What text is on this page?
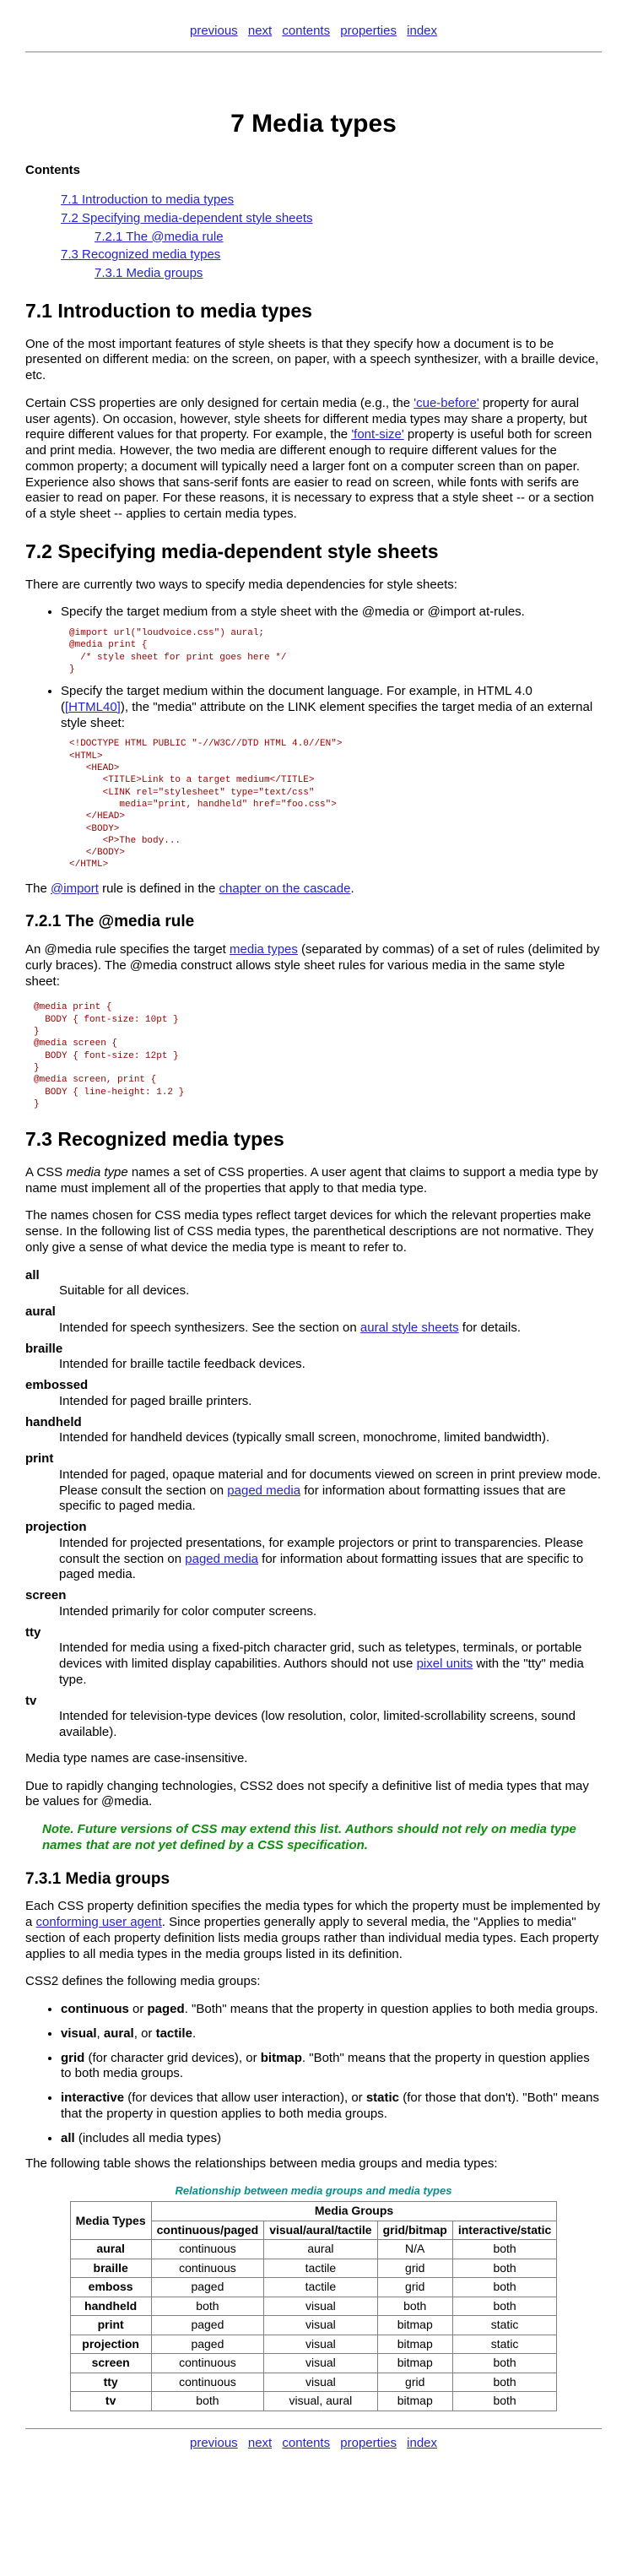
previous next contents properties index
7 Media types
Contents
7.1 Introduction to media types
7.2 Specifying media-dependent style sheets
7.2.1 The @media rule
7.3 Recognized media types
7.3.1 Media groups
7.1 Introduction to media types

One of the most important features of style sheets is that they specify how a document is to be presented on different media: on the screen, on paper, with a speech synthesizer, with a braille device, etc.

Certain CSS properties are only designed for certain media (e.g., the 'cue-before' property for aural user agents). On occasion, however, style sheets for different media types may share a property, but require different values for that property. For example, the 'font-size' property is useful both for screen and print media. However, the two media are different enough to require different values for the common property; a document will typically need a larger font on a computer screen than on paper. Experience also shows that sans-serif fonts are easier to read on screen, while fonts with serifs are easier to read on paper. For these reasons, it is necessary to express that a style sheet -- or a section of a style sheet -- applies to certain media types.

7.2 Specifying media-dependent style sheets

There are currently two ways to specify media dependencies for style sheets:

• Specify the target medium from a style sheet with the @media or @import at-rules.
@import url("loudvoice.css") aural;
@media print {
/* style sheet for print goes here */
}
• Specify the target medium within the document language. For example, in HTML 4.0 ([HTML40]), the "media" attribute on the LINK element specifies the target media of an external style sheet:
<!DOCTYPE HTML PUBLIC "-//W3C//DTD HTML 4.0//EN">
<HTML>
<HEAD>
<TITLE>Link to a target medium</TITLE>
<LINK rel="stylesheet" type="text/css"
media="print, handheld" href="foo.css">
</HEAD>
<BODY>
<P>The body...
</BODY>
</HTML>

The @import rule is defined in the chapter on the cascade.

7.2.1 The @media rule

An @media rule specifies the target media types (separated by commas) of a set of rules (delimited by curly braces). The @media construct allows style sheet rules for various media in the same style sheet:

@media print {
BODY { font-size: 10pt }
}
@media screen {
BODY { font-size: 12pt }
}
@media screen, print {
BODY { line-height: 1.2 }
}
7.3 Recognized media types

A CSS media type names a set of CSS properties. A user agent that claims to support a media type by name must implement all of the properties that apply to that media type.

The names chosen for CSS media types reflect target devices for which the relevant properties make sense. In the following list of CSS media types, the parenthetical descriptions are not normative. They only give a sense of what device the media type is meant to refer to.

all
Suitable for all devices.
aural
Intended for speech synthesizers. See the section on aural style sheets for details.
braille
Intended for braille tactile feedback devices.
embossed
Intended for paged braille printers.
handheld
Intended for handheld devices (typically small screen, monochrome, limited bandwidth).
print
Intended for paged, opaque material and for documents viewed on screen in print preview mode. Please consult the section on paged media for information about formatting issues that are specific to paged media.
projection
Intended for projected presentations, for example projectors or print to transparencies. Please consult the section on paged media for information about formatting issues that are specific to paged media.
screen
Intended primarily for color computer screens.
tty
Intended for media using a fixed-pitch character grid, such as teletypes, terminals, or portable devices with limited display capabilities. Authors should not use pixel units with the "tty" media type.
tv
Intended for television-type devices (low resolution, color, limited-scrollability screens, sound available).

Media type names are case-insensitive.

Due to rapidly changing technologies, CSS2 does not specify a definitive list of media types that may be values for @media.

Note. Future versions of CSS may extend this list. Authors should not rely on media type names that are not yet defined by a CSS specification.

7.3.1 Media groups

Each CSS property definition specifies the media types for which the property must be implemented by a conforming user agent. Since properties generally apply to several media, the "Applies to media" section of each property definition lists media groups rather than individual media types. Each property applies to all media types in the media groups listed in its definition.

CSS2 defines the following media groups:

• continuous or paged. "Both" means that the property in question applies to both media groups.
• visual, aural, or tactile.
• grid (for character grid devices), or bitmap. "Both" means that the property in question applies to both media groups.
• interactive (for devices that allow user interaction), or static (for those that don't). "Both" means that the property in question applies to both media groups.
• all (includes all media types)

The following table shows the relationships between media groups and media types:

Relationship between media groups and media types
Media Types	Media Groups			
	continuous/paged	visual/aural/tactile	grid/bitmap	interactive/static
aural	continuous	aural	N/A	both
braille	continuous	tactile	grid	both
emboss	paged	tactile	grid	both
handheld	both	visual	both	both
print	paged	visual	bitmap	static
projection	paged	visual	bitmap	static
screen	continuous	visual	bitmap	both
tty	continuous	visual	grid	both
tv	both	visual, aural	bitmap	both
previous next contents properties index
